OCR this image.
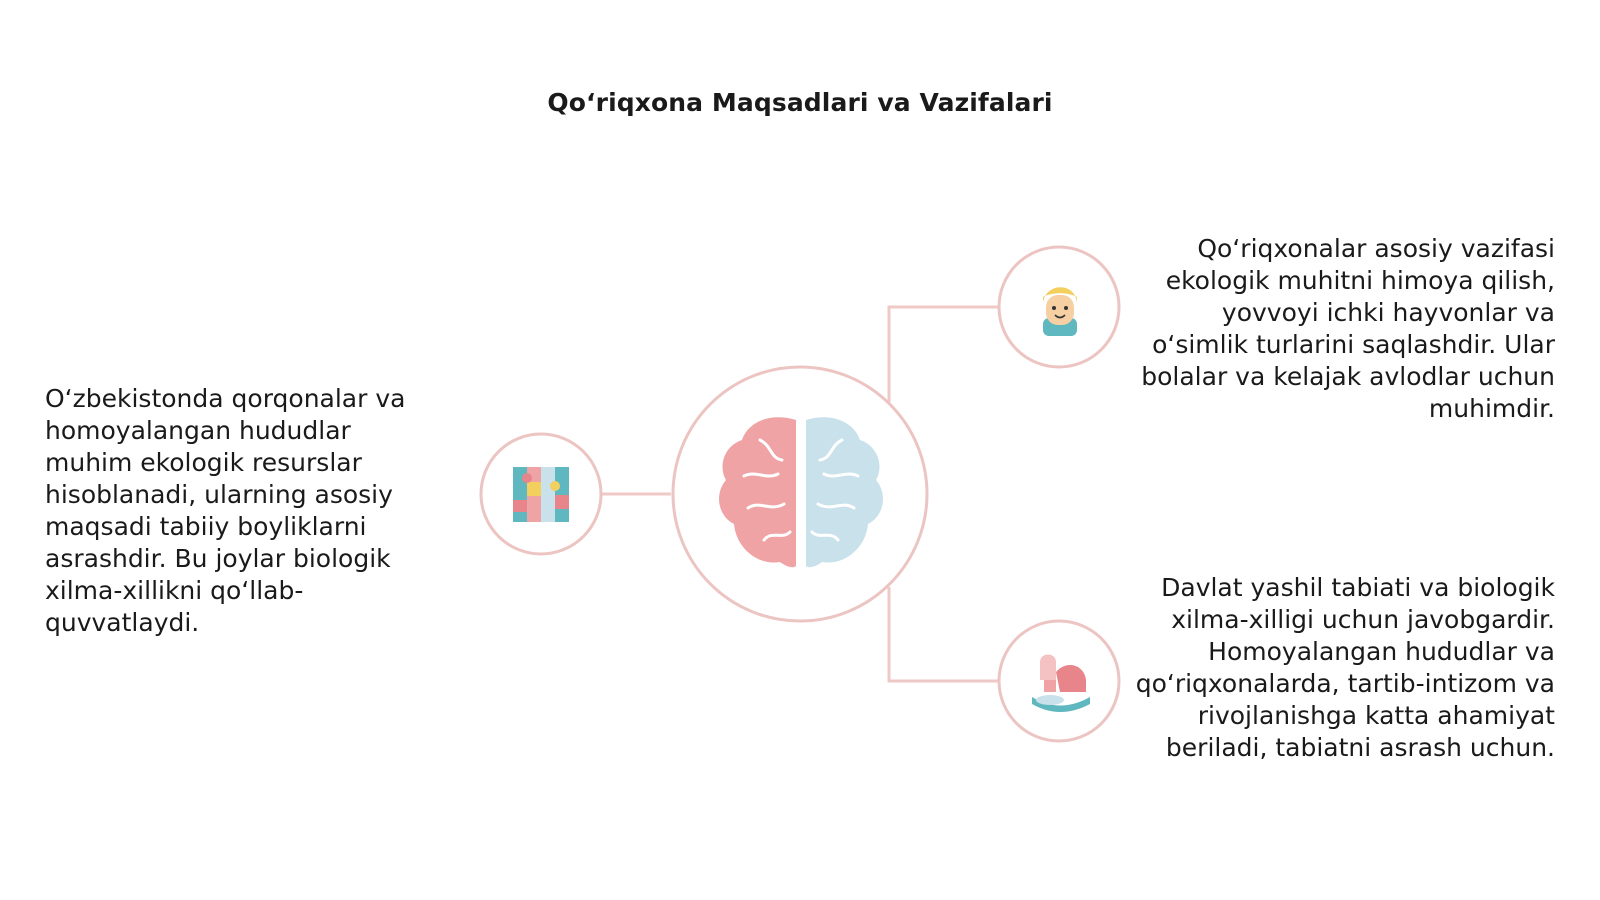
Qo‘riqxona Maqsadlari va Vazifalari
O‘zbekistonda qorqonalar va homoyalangan hududlar muhim ekologik resurslar hisoblanadi, ularning asosiy maqsadi tabiiy boyliklarni asrashdir. Bu joylar biologik xilma-xillikni qo‘llab-quvvatlaydi.
Qo‘riqxonalar asosiy vazifasi ekologik muhitni himoya qilish, yovvoyi ichki hayvonlar va o‘simlik turlarini saqlashdir. Ular bolalar va kelajak avlodlar uchun muhimdir.
Davlat yashil tabiati va biologik xilma-xilligi uchun javobgardir. Homoyalangan hududlar va qo‘riqxonalarda, tartib-intizom va rivojlanishga katta ahamiyat beriladi, tabiatni asrash uchun.
